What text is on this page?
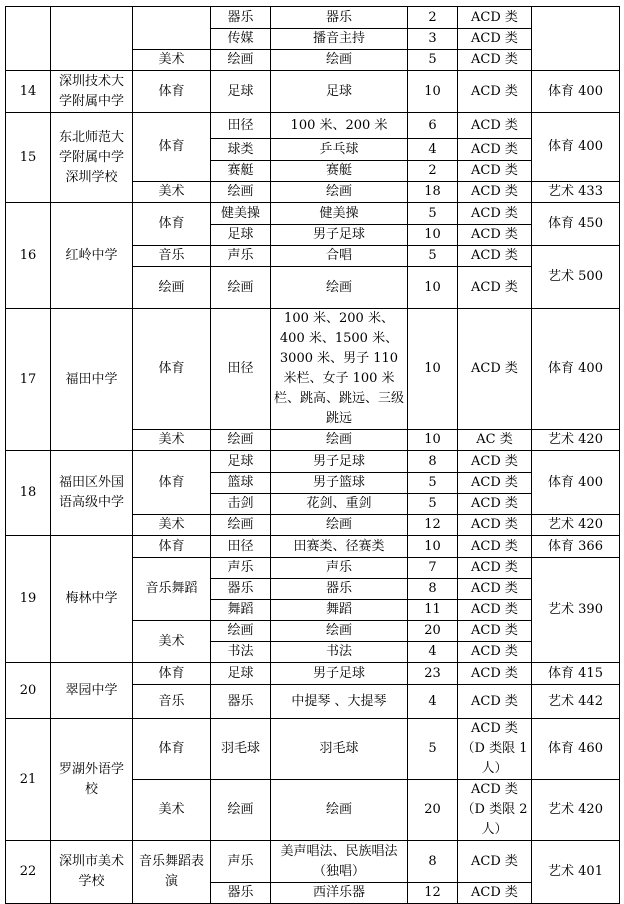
			器乐	器乐	2	ACD 类	
			传媒	播音主持	3	ACD 类	
		美术	绘画	绘画	5	ACD 类	
14	深圳技术大学附属中学	体育	足球	足球	10	ACD 类	体育 400
15	东北师范大学附属中学深圳学校	体育	田径	100 米、200 米	6	ACD 类	体育 400
			球类	乒乓球	4	ACD 类	
			赛艇	赛艇	2	ACD 类	
		美术	绘画	绘画	18	ACD 类	艺术 433
16	红岭中学	体育	健美操	健美操	5	ACD 类	体育 450
			足球	男子足球	10	ACD 类	
		音乐	声乐	合唱	5	ACD 类	艺术 500
		绘画	绘画	绘画	10	ACD 类	
17	福田中学	体育	田径	100 米、200 米、400 米、1500 米、3000 米、男子 110 米栏、女子 100 米栏、跳高、跳远、三级跳远	10	ACD 类	体育 400
		美术	绘画	绘画	10	AC 类	艺术 420
18	福田区外国语高级中学	体育	足球	男子足球	8	ACD 类	体育 400
			篮球	男子篮球	5	ACD 类	
			击剑	花剑、重剑	5	ACD 类	
		美术	绘画	绘画	12	ACD 类	艺术 420
19	梅林中学	体育	田径	田赛类、径赛类	10	ACD 类	体育 366
		音乐舞蹈	声乐	声乐	7	ACD 类	艺术 390
			器乐	器乐	8	ACD 类	
			舞蹈	舞蹈	11	ACD 类	
		美术	绘画	绘画	20	ACD 类	
			书法	书法	4	ACD 类	
20	翠园中学	体育	足球	男子足球	23	ACD 类	体育 415
		音乐	器乐	中提琴 、大提琴	4	ACD 类	艺术 442
21	罗湖外语学校	体育	羽毛球	羽毛球	5	ACD 类（D 类限 1 人）	体育 460
		美术	绘画	绘画	20	ACD 类（D 类限 2 人）	艺术 420
22	深圳市美术学校	音乐舞蹈表演	声乐	美声唱法、民族唱法（独唱）	8	ACD 类	艺术 401
			器乐	西洋乐器	12	ACD 类	
